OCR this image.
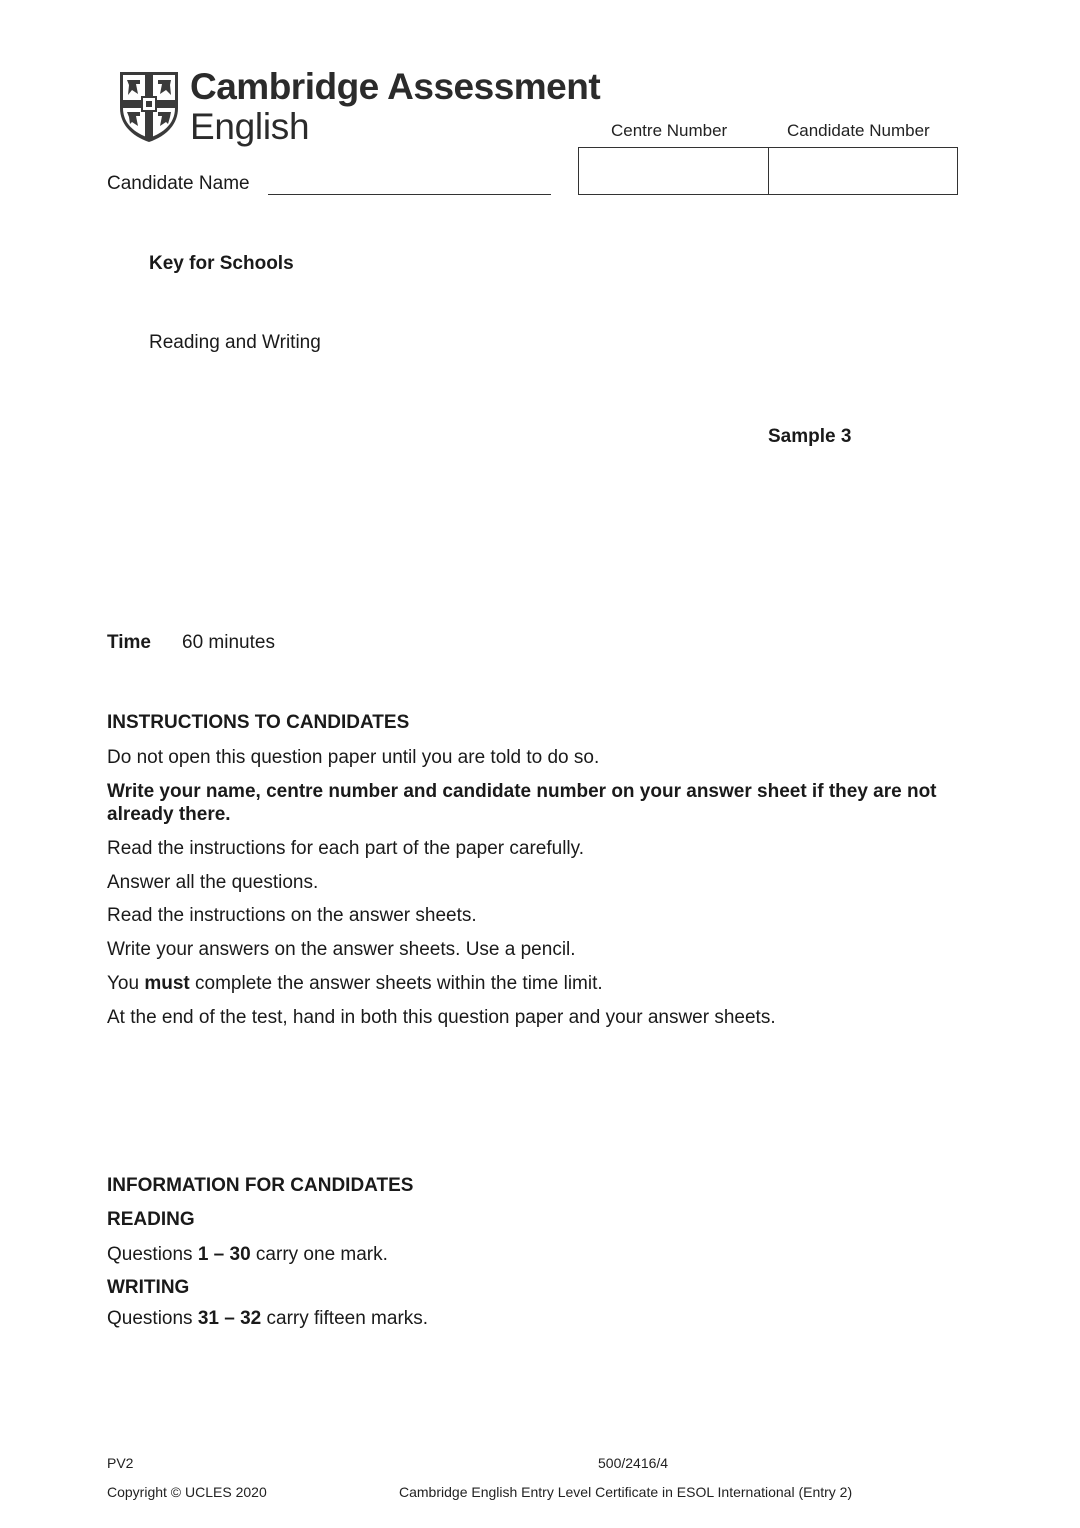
Cambridge Assessment
English	Centre Number	Candidate Number
Candidate Name
Key for Schools
Reading and Writing
Sample 3
Time 60 minutes
INSTRUCTIONS TO CANDIDATES
Do not open this question paper until you are told to do so.
Write your name, centre number and candidate number on your answer sheet if they are not already there.
Read the instructions for each part of the paper carefully.
Answer all the questions.
Read the instructions on the answer sheets.
Write your answers on the answer sheets. Use a pencil.
You must complete the answer sheets within the time limit.
At the end of the test, hand in both this question paper and your answer sheets.
INFORMATION FOR CANDIDATES
READING
Questions 1 – 30 carry one mark.
WRITING
Questions 31 – 32 carry fifteen marks.
PV2	500/2416/4
Copyright © UCLES 2020	Cambridge English Entry Level Certificate in ESOL International (Entry 2)
